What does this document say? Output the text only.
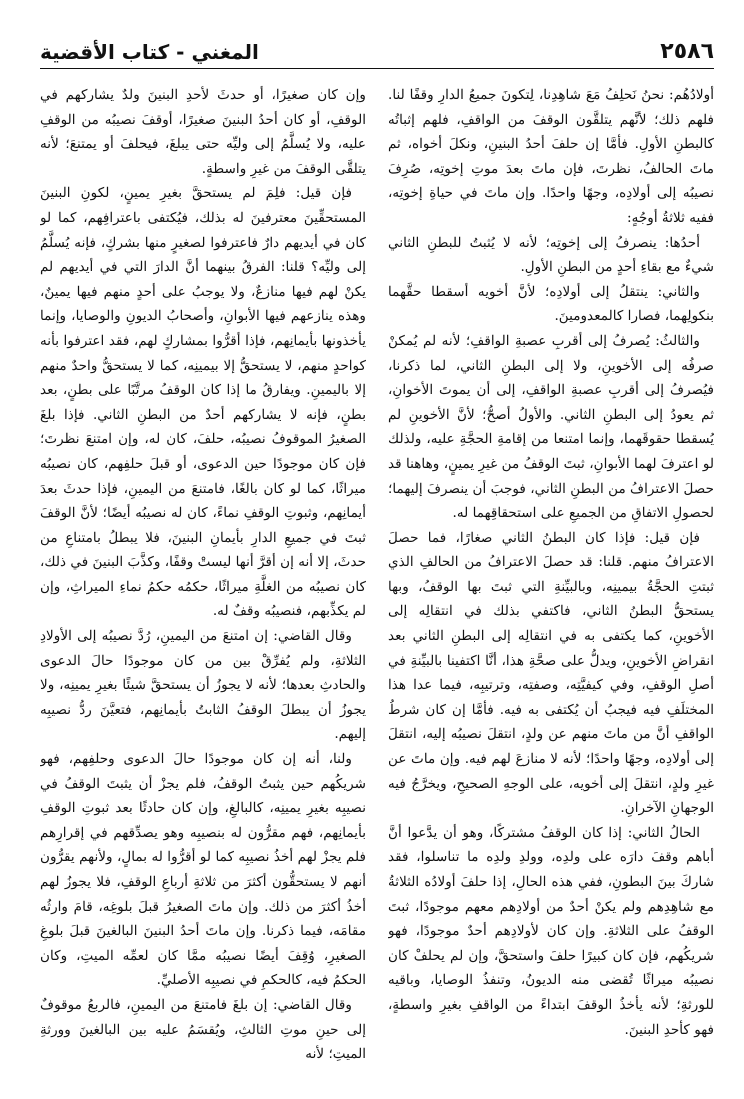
المغني - كتاب الأقضية	٢٥٨٦

وإن كان صغيرًا، أو حدثَ لأحدِ البنينَ ولدٌ يشاركهم في الوقفِ، أو كان أحدُ البنينَ صغيرًا، أوقفَ نصيبُه من الوقفِ عليه، ولا يُسلَّمُ إلى وليِّه حتى يبلغَ، فيحلفَ أو يمتنعَ؛ لأنه يتلقَّى الوقفَ من غيرِ واسطةٍ.

فإن قيل: فلِمَ لم يستحقَّ بغيرِ يمينٍ، لكونِ البنينَ المستحقِّينَ معترفينَ له بذلك، فيُكتفى باعترافِهم، كما لو كان في أيديهم دارٌ فاعترفوا لصغيرٍ منها بشركٍ، فإنه يُسلَّمُ إلى وليِّه؟ قلنا: الفرقُ بينهما أنَّ الدارَ التي في أيديهم لم يكنْ لهم فيها منازعٌ، ولا يوجبُ على أحدٍ منهم فيها يمينٌ، وهذه ينازعهم فيها الأبوانِ، وأصحابُ الديونِ والوصايا، وإنما يأخذونها بأيمانِهم، فإذا أقرُّوا بمشاركٍ لهم، فقد اعترفوا بأنه كواحدٍ منهم، لا يستحقُّ إلا بيمينِه، كما لا يستحقُّ واحدٌ منهم إلا باليمينِ. ويفارقُ ما إذا كان الوقفُ مرتَّبًا على بطنٍ، بعد بطنٍ، فإنه لا يشاركهم أحدٌ من البطنِ الثاني. فإذا بلغَ الصغيرُ الموقوفُ نصيبُه، حلفَ، كان له، وإن امتنعَ نظرتَ؛ فإن كان موجودًا حين الدعوى، أو قبلَ حلفِهم، كان نصيبُه ميراثًا، كما لو كان بالغًا، فامتنعَ من اليمينِ، فإذا حدثَ بعدَ أيمانِهم، وثبوتِ الوقفِ نماءً، كان له نصيبُه أيضًا؛ لأنَّ الوقفَ ثبتَ في جميعِ الدارِ بأيمانِ البنينَ، فلا يبطلُ بامتناعِ من حدثَ، إلا أنه إن أقرَّ أنها ليستْ وقفًا، وكذَّبَ البنينَ في ذلك، كان نصيبُه من الغلَّةِ ميراثًا، حكمُه حكمُ نماءِ الميراثِ، وإن لم يكذِّبهم، فنصيبُه وقفٌ له.

وقال القاضي: إن امتنعَ من اليمينِ، رُدَّ نصيبُه إلى الأولادِ الثلاثةِ، ولم يُفرِّقْ بين من كان موجودًا حالَ الدعوى والحادثِ بعدها؛ لأنه لا يجوزُ أن يستحقَّ شيئًا بغيرِ يمينِه، ولا يجوزُ أن يبطلَ الوقفُ الثابتُ بأيمانِهم، فتعيَّنَ ردُّ نصيبِه إليهم.

ولنا، أنه إن كان موجودًا حالَ الدعوى وحلفِهم، فهو شريكُهم حين يثبتُ الوقفُ، فلم يجزْ أن يثبتَ الوقفُ في نصيبِه بغيرِ يمينِه، كالبالغِ، وإن كان حادثًا بعد ثبوتِ الوقفِ بأيمانِهم، فهم مقرُّون له بنصيبِه وهو يصدِّقهم في إقرارِهم فلم يجزْ لهم أخذُ نصيبِه كما لو أقرُّوا له بمالٍ، ولأنهم يقرُّون أنهم لا يستحقُّون أكثرَ من ثلاثةِ أرباعِ الوقفِ، فلا يجوزُ لهم أخذُ أكثرَ من ذلك. وإن ماتَ الصغيرُ قبلَ بلوغِه، قامَ وارثُه مقامَه، فيما ذكرنا. وإن ماتَ أحدُ البنينَ البالغينَ قبلَ بلوغِ الصغيرِ، وُقِفَ أيضًا نصيبُه ممَّا كان لعمِّه الميتِ، وكان الحكمُ فيه، كالحكمِ في نصيبِه الأصليِّ.

وقال القاضي: إن بلغَ فامتنعَ من اليمينِ، فالربعُ موقوفٌ إلى حينِ موتِ الثالثِ، ويُقسَمُ عليه بين البالغينَ وورثةِ الميتِ؛ لأنه

أولادُهُم: نحنُ نَحلِفُ مَعَ شاهِدِنا، لِتكونَ جميعُ الدارِ وقفًا لنا. فلهم ذلك؛ لأنَّهم يتلقَّون الوقفَ من الواقفِ، فلهم إثباتُه كالبطنِ الأولِ. فأمَّا إن حلفَ أحدُ البنينِ، ونكلَ أخواه، ثم ماتَ الحالفُ، نظرتَ، فإن ماتَ بعدَ موتِ إخوتِه، صُرِفَ نصيبُه إلى أولادِه، وجهًا واحدًا. وإن ماتَ في حياةِ إخوتِه، ففيه ثلاثةُ أوجُهٍ:

أحدُها: ينصرفُ إلى إخوتِه؛ لأنه لا يُثبتُ للبطنِ الثاني شيءٌ مع بقاءِ أحدٍ من البطنِ الأولِ.

والثاني: ينتقلُ إلى أولادِه؛ لأنَّ أخويه أسقطا حقَّهما بنكولِهما، فصارا كالمعدومينَ.

والثالثُ: يُصرفُ إلى أقربِ عصبةِ الواقفِ؛ لأنه لم يُمكنْ صرفُه إلى الأخوينِ، ولا إلى البطنِ الثاني، لما ذكرنا، فيُصرفُ إلى أقربِ عصبةِ الواقفِ، إلى أن يموتَ الأخوانِ، ثم يعودُ إلى البطنِ الثاني. والأولُ أصحُّ؛ لأنَّ الأخوينِ لم يُسقطا حقوقَهما، وإنما امتنعا من إقامةِ الحجَّةِ عليه، ولذلك لو اعترفَ لهما الأبوانِ، ثبتَ الوقفُ من غيرِ يمينٍ، وهاهنا قد حصلَ الاعترافُ من البطنِ الثاني، فوجبَ أن ينصرفَ إليهما؛ لحصولِ الاتفاقِ من الجميعِ على استحقاقِهما له.

فإن قيل: فإذا كان البطنُ الثاني صغارًا، فما حصلَ الاعترافُ منهم. قلنا: قد حصلَ الاعترافُ من الحالفِ الذي ثبتتِ الحجَّةُ بيمينِه، وبالبيِّنةِ التي ثبتَ بها الوقفُ، وبها يستحقُّ البطنُ الثاني، فاكتفي بذلك في انتقالِه إلى الأخوينِ، كما يكتفى به في انتقالِه إلى البطنِ الثاني بعد انقراضِ الأخوينِ، ويدلُّ على صحَّةِ هذا، أنَّا اكتفينا بالبيِّنةِ في أصلِ الوقفِ، وفي كيفيَّتِه، وصفتِه، وترتيبِه، فيما عدا هذا المختلَفِ فيه فيجبُ أن يُكتفى به فيه. فأمَّا إن كان شرطُ الواقفِ أنَّ من ماتَ منهم عن ولدٍ، انتقلَ نصيبُه إليه، انتقلَ إلى أولادِه، وجهًا واحدًا؛ لأنه لا منازعَ لهم فيه. وإن ماتَ عن غيرِ ولدٍ، انتقلَ إلى أخويه، على الوجهِ الصحيحِ، ويخرَّجُ فيه الوجهانِ الآخرانِ.

الحالُ الثاني: إذا كان الوقفُ مشتركًا، وهو أن يدَّعوا أنَّ أباهم وقفَ دارَه على ولدِه، وولدِ ولدِه ما تناسلوا، فقد شاركَ بينَ البطونِ، ففي هذه الحالِ، إذا حلفَ أولادُه الثلاثةُ مع شاهِدِهم ولم يكنْ أحدٌ من أولادِهم معهم موجودًا، ثبتَ الوقفُ على الثلاثةِ. وإن كان لأولادِهم أحدٌ موجودًا، فهو شريكُهم، فإن كان كبيرًا حلفَ واستحقَّ، وإن لم يحلفْ كان نصيبُه ميراثًا تُقضى منه الديونُ، وتنفذُ الوصايا، وباقيه للورثةِ؛ لأنه يأخذُ الوقفَ ابتداءً من الواقفِ بغيرِ واسطةٍ، فهو كأحدِ البنينَ.
